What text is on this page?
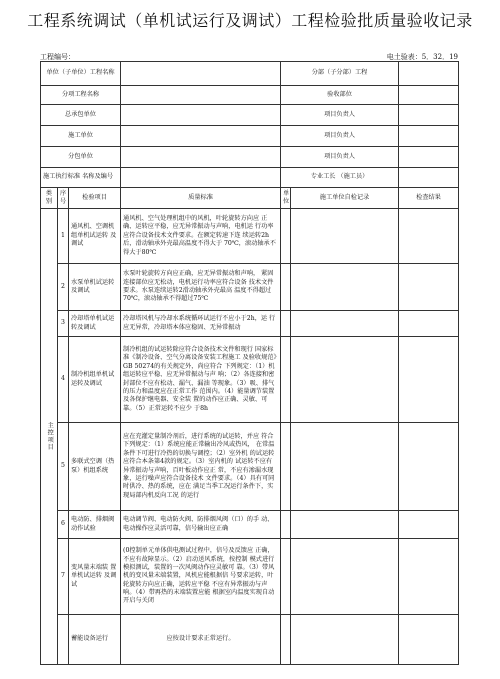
工程系统调试（单机试运行及调试）工程检验批质量验收记录
工程编号：	电土验表：5．32．19
单位（子单位）工程名称				分部（子分部）工程		
分项工程名称				验收部位		
总承包单位				项目负责人		
施工单位				项目负责人		
分包单位				项目负责人		
施工执行标准 名称及编号				专业工长 （施工员）		
类别	序号	检验项目	质量标准	单位	施工单位自检记录	检查结果
主控项目	1	通风机、空调机组单机试运转 及调试	通风机、空气处理机组中的风机，叶轮旋转方向应 正确、运转应平稳，应无异常振动与声响，电机运 行功率应符合设备技术文件要求。在额定转速下连 续运转2h后，滑动轴承外壳最高温度不得大于 70℃，滚动轴承不得大于80℃			
	2	水泵单机试运转 及调试	水泵叶轮旋转方向应正确，应无异常振动和声响， 紧固连接部位应无松动，电机运行功率应符合设备 技术文件要求。水泵连续运转2滑动轴承外壳最高 温度不得超过70℃，滚动轴承不得超过75℃			
	3	冷却塔单机试运 转及调试	冷却塔风机与冷却水系统循环试运行不应小于2h，运 行应无异常，冷却塔本体应稳固、无异常振动			
	4	制冷机组单机试 运转及调试	制冷机组的试运转除应符合设备技术文件和现行 国家标准《制冷设备、空气分离设备安装工程施工 及验收规范》GB 50274的有关规定外，尚应符合 下列规定：（1）机组运转应平稳、应无异常振动与声 响；（2）各连接和密封部位不应有松动、漏气、漏油 等现象。（3）吸、排气的压力和温度应在正常工作 范围内。（4）能量调节装置及各保护继电器、安全装 置的动作应正确、灵敏、可靠。（5）正常运转不应少 于8h			
	5	多联式空调（热 泵）机组系统	应在充灌定量制冷剂后，进行系统的试运转，并应 符合下列规定：（1）系统应能正常输出冷风或热风， 在常温条件下可进行冷热的切换与调控；（2）室外机 的试运转应符合本条第4款的规定。（3）室内机的 试运转不应有异常振动与声响，百叶板动作应正 常，不应有渗漏水现象，运行噪声应符合设备技术 文件要求。（4）具有可同时供冷、热的系统，应在 满足当季工况运行条件下，实现局部内机反向工况 的运行			
	6	电动防、排烟阀 动作试验	电动调节阀、电动防火阀、防排烟风阀（口）的手 动、电动操作应灵活可靠，信号输出应正确			
	7	变风量末端装 置单机试运转 及调试	(0控制单元单体供电测试过程中，信号及反馈应 正确，不应有故障显示。（2）启动送风系统，按控制 模式进行模拟测试，装置的一次风阀动作应灵敏可 靠。（3）带风机的变风量末端装置，风机应能根据信 号要求运转，叶轮旋转方向应正确，运转应平稳 不应有异常振动与声响。（4）带再热的末端装置应能 根据室内温度实现自动开启与关闭			
		蓄能设备运行	应按设计要求正常运行。			
